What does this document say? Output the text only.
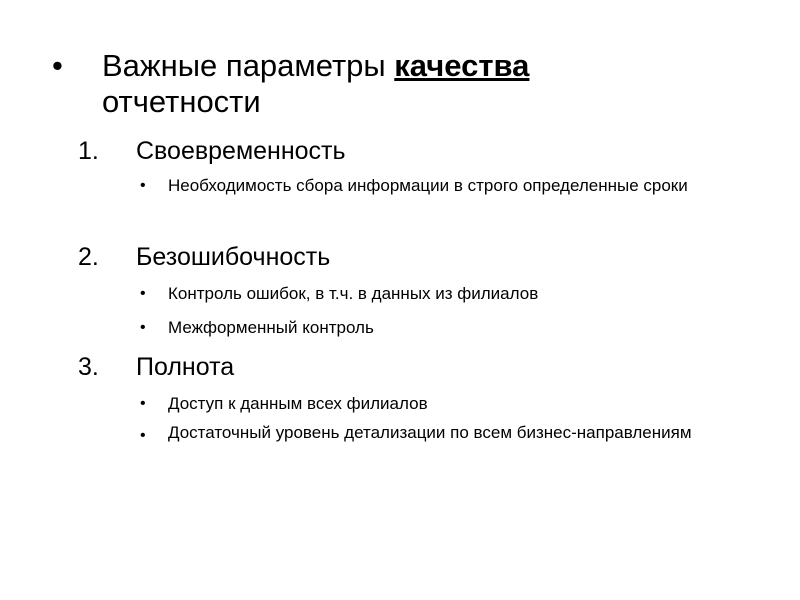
• Важные параметры качества
отчетности
1. Своевременность
• Необходимость сбора информации в строго определенные сроки
2. Безошибочность
• Контроль ошибок, в т.ч. в данных из филиалов
• Межформенный контроль
3. Полнота
• Доступ к данным всех филиалов
• Достаточный уровень детализации по всем бизнес-направлениям
